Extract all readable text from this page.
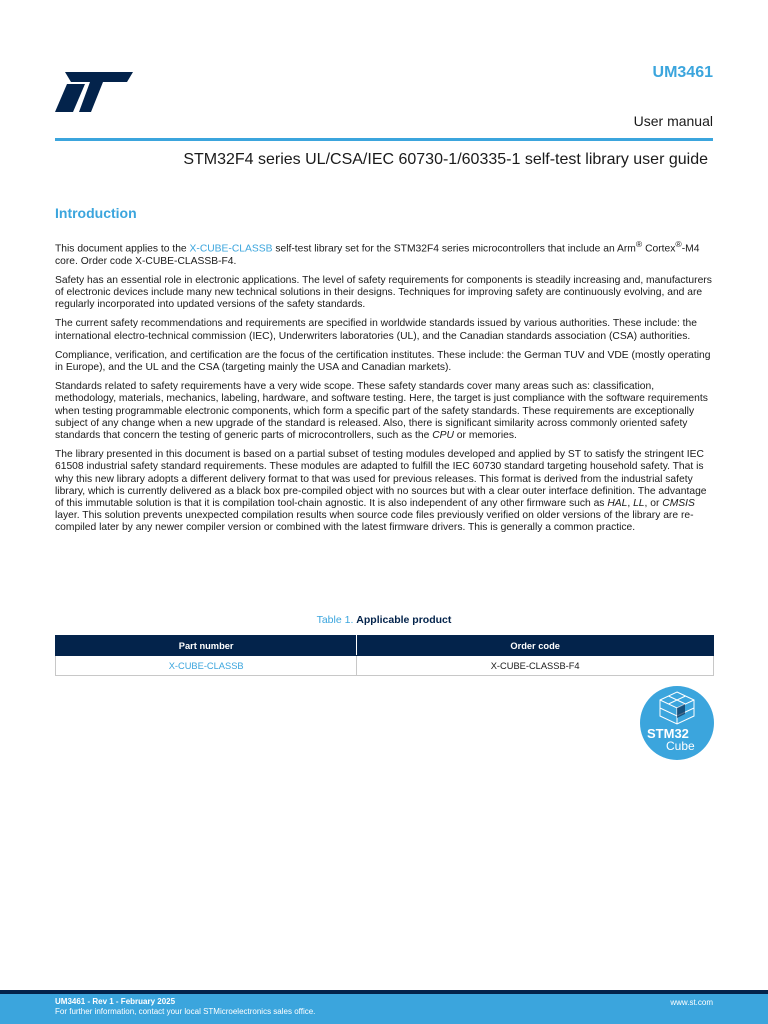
UM3461
User manual
STM32F4 series UL/CSA/IEC 60730-1/60335-1 self-test library user guide
Introduction

This document applies to the X-CUBE-CLASSB self-test library set for the STM32F4 series microcontrollers that include an Arm® Cortex®-M4 core. Order code X-CUBE-CLASSB-F4.

Safety has an essential role in electronic applications. The level of safety requirements for components is steadily increasing and, manufacturers of electronic devices include many new technical solutions in their designs. Techniques for improving safety are continuously evolving, and are regularly incorporated into updated versions of the safety standards.

The current safety recommendations and requirements are specified in worldwide standards issued by various authorities. These include: the international electro-technical commission (IEC), Underwriters laboratories (UL), and the Canadian standards association (CSA) authorities.

Compliance, verification, and certification are the focus of the certification institutes. These include: the German TUV and VDE (mostly operating in Europe), and the UL and the CSA (targeting mainly the USA and Canadian markets).

Standards related to safety requirements have a very wide scope. These safety standards cover many areas such as: classification, methodology, materials, mechanics, labeling, hardware, and software testing. Here, the target is just compliance with the software requirements when testing programmable electronic components, which form a specific part of the safety standards. These requirements are exceptionally subject of any change when a new upgrade of the standard is released. Also, there is significant similarity across commonly oriented safety standards that concern the testing of generic parts of microcontrollers, such as the CPU or memories.

The library presented in this document is based on a partial subset of testing modules developed and applied by ST to satisfy the stringent IEC 61508 industrial safety standard requirements. These modules are adapted to fulfill the IEC 60730 standard targeting household safety. That is why this new library adopts a different delivery format to that was used for previous releases. This format is derived from the industrial safety library, which is currently delivered as a black box pre-compiled object with no sources but with a clear outer interface definition. The advantage of this immutable solution is that it is compilation tool-chain agnostic. It is also independent of any other firmware such as HAL, LL, or CMSIS layer. This solution prevents unexpected compilation results when source code files previously verified on older versions of the library are re-compiled later by any newer compiler version or combined with the latest firmware drivers. This is generally a common practice.

Table 1. Applicable product
Part number	Order code
X-CUBE-CLASSB	X-CUBE-CLASSB-F4
STM32
Cube
UM3461 - Rev 1 - February 2025
For further information, contact your local STMicroelectronics sales office.
www.st.com
